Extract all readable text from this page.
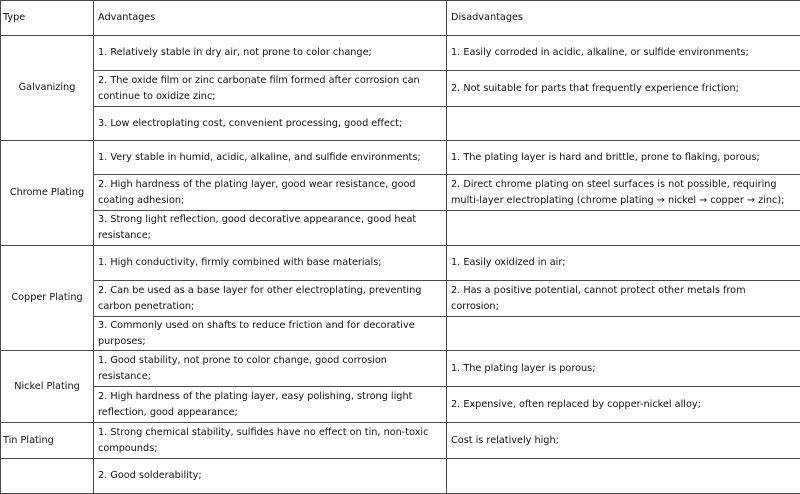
Type	Advantages	Disadvantages
Galvanizing	1. Relatively stable in dry air, not prone to color change;	1. Easily corroded in acidic, alkaline, or sulfide environments;
	2. The oxide film or zinc carbonate film formed after corrosion can continue to oxidize zinc;	2. Not suitable for parts that frequently experience friction;
	3. Low electroplating cost, convenient processing, good effect;	
Chrome Plating	1. Very stable in humid, acidic, alkaline, and sulfide environments;	1. The plating layer is hard and brittle, prone to flaking, porous;
	2. High hardness of the plating layer, good wear resistance, good coating adhesion;	2. Direct chrome plating on steel surfaces is not possible, requiring multi-layer electroplating (chrome plating → nickel → copper → zinc);
	3. Strong light reflection, good decorative appearance, good heat resistance;	
Copper Plating	1. High conductivity, firmly combined with base materials;	1. Easily oxidized in air;
	2. Can be used as a base layer for other electroplating, preventing carbon penetration;	2. Has a positive potential, cannot protect other metals from corrosion;
	3. Commonly used on shafts to reduce friction and for decorative purposes;	
Nickel Plating	1. Good stability, not prone to color change, good corrosion resistance;	1. The plating layer is porous;
	2. High hardness of the plating layer, easy polishing, strong light reflection, good appearance;	2. Expensive, often replaced by copper-nickel alloy;
Tin Plating	1. Strong chemical stability, sulfides have no effect on tin, non-toxic compounds;	Cost is relatively high;
	2. Good solderability;	
